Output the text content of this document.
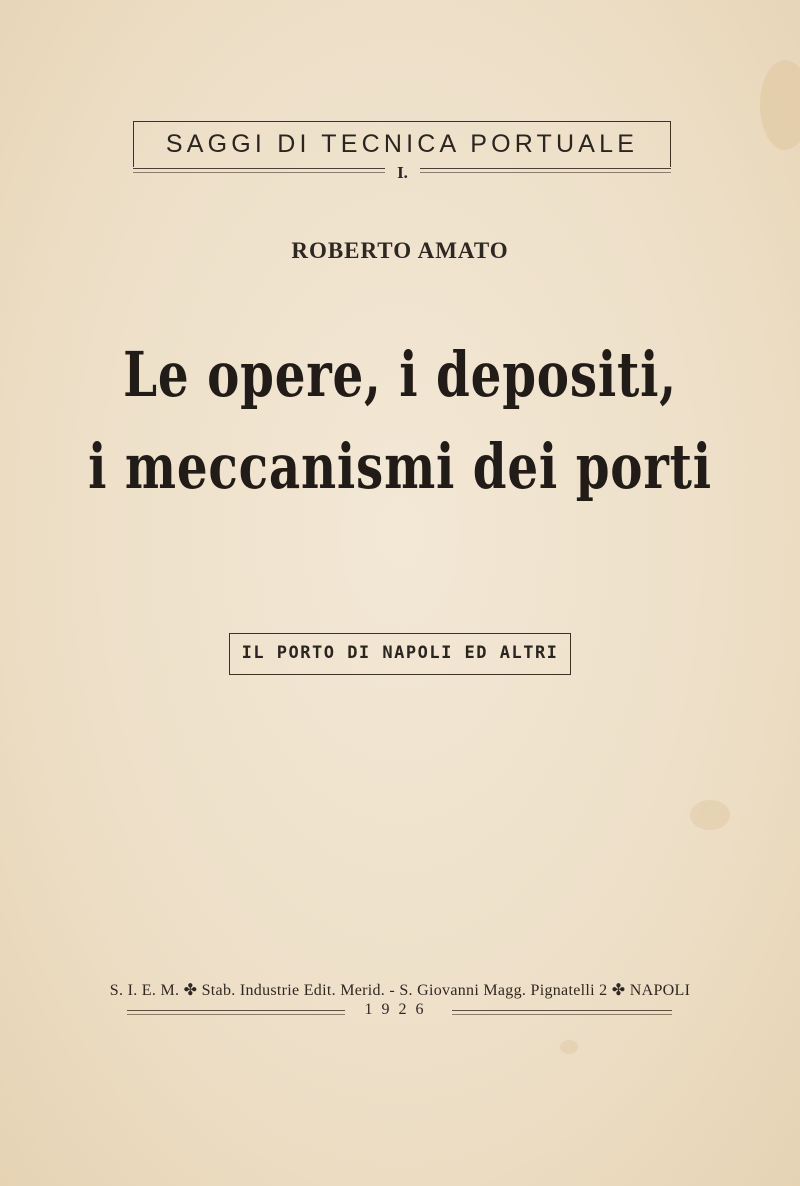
SAGGI DI TECNICA PORTUALE
I.
ROBERTO AMATO
Le opere, i depositi,
i meccanismi dei porti
IL PORTO DI NAPOLI ED ALTRI
S. I. E. M. ✤ Stab. Industrie Edit. Merid. - S. Giovanni Magg. Pignatelli 2 ✤ NAPOLI
1926
